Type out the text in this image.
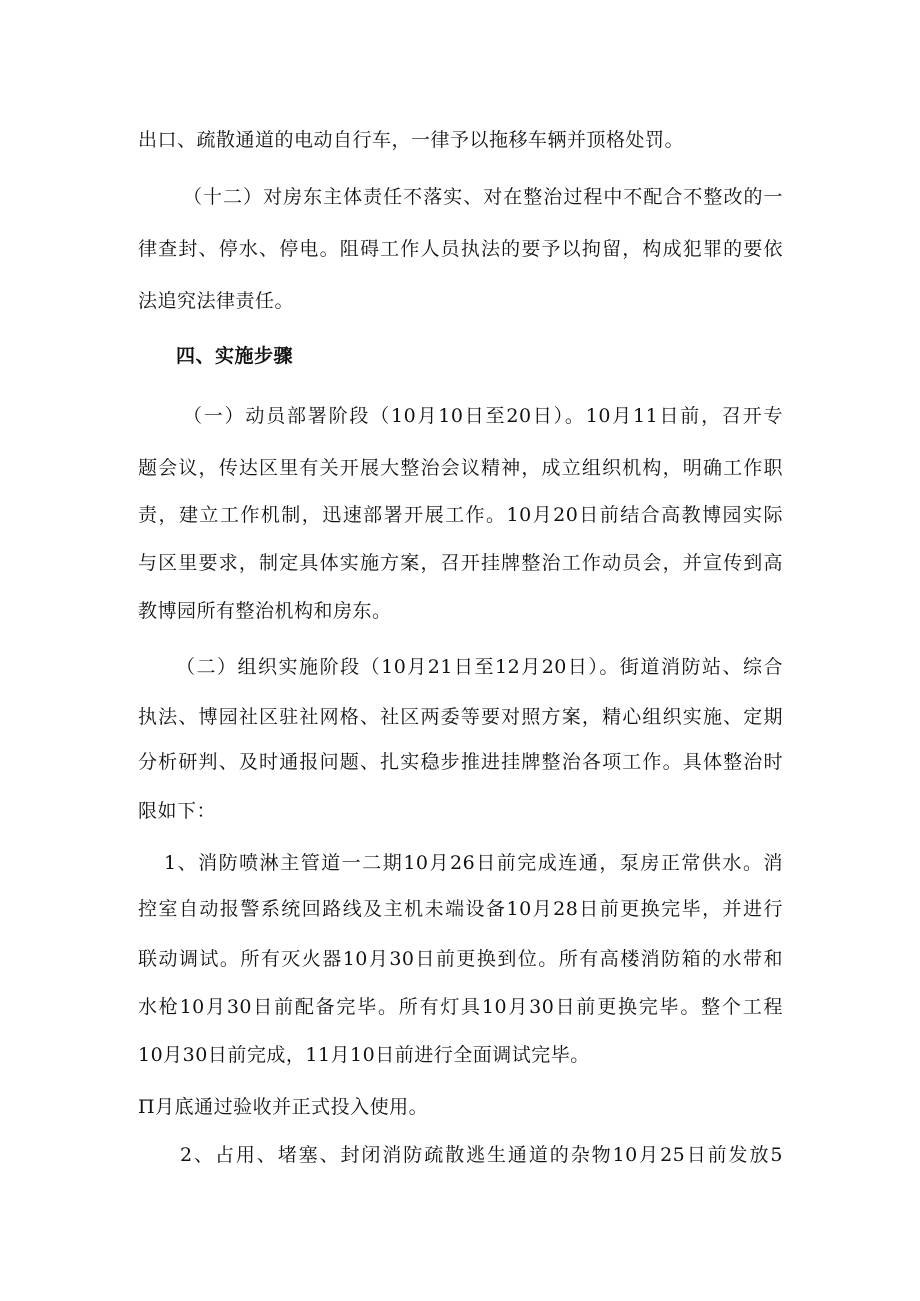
出口、疏散通道的电动自行车，一律予以拖移车辆并顶格处罚。
（十二）对房东主体责任不落实、对在整治过程中不配合不整改的一
律查封、停水、停电。阻碍工作人员执法的要予以拘留，构成犯罪的要依
法追究法律责任。
四、实施步骤
（一）动员部署阶段（10月10日至20日）。10月11日前，召开专
题会议，传达区里有关开展大整治会议精神，成立组织机构，明确工作职
责，建立工作机制，迅速部署开展工作。10月20日前结合高教博园实际
与区里要求，制定具体实施方案，召开挂牌整治工作动员会，并宣传到高
教博园所有整治机构和房东。
（二）组织实施阶段（10月21日至12月20日）。街道消防站、综合
执法、博园社区驻社网格、社区两委等要对照方案，精心组织实施、定期
分析研判、及时通报问题、扎实稳步推进挂牌整治各项工作。具体整治时
限如下：
1、消防喷淋主管道一二期10月26日前完成连通，泵房正常供水。消
控室自动报警系统回路线及主机未端设备10月28日前更换完毕，并进行
联动调试。所有灭火器10月30日前更换到位。所有高楼消防箱的水带和
水枪10月30日前配备完毕。所有灯具10月30日前更换完毕。整个工程
10月30日前完成，11月10日前进行全面调试完毕。
Π月底通过验收并正式投入使用。
2、占用、堵塞、封闭消防疏散逃生通道的杂物10月25日前发放5
